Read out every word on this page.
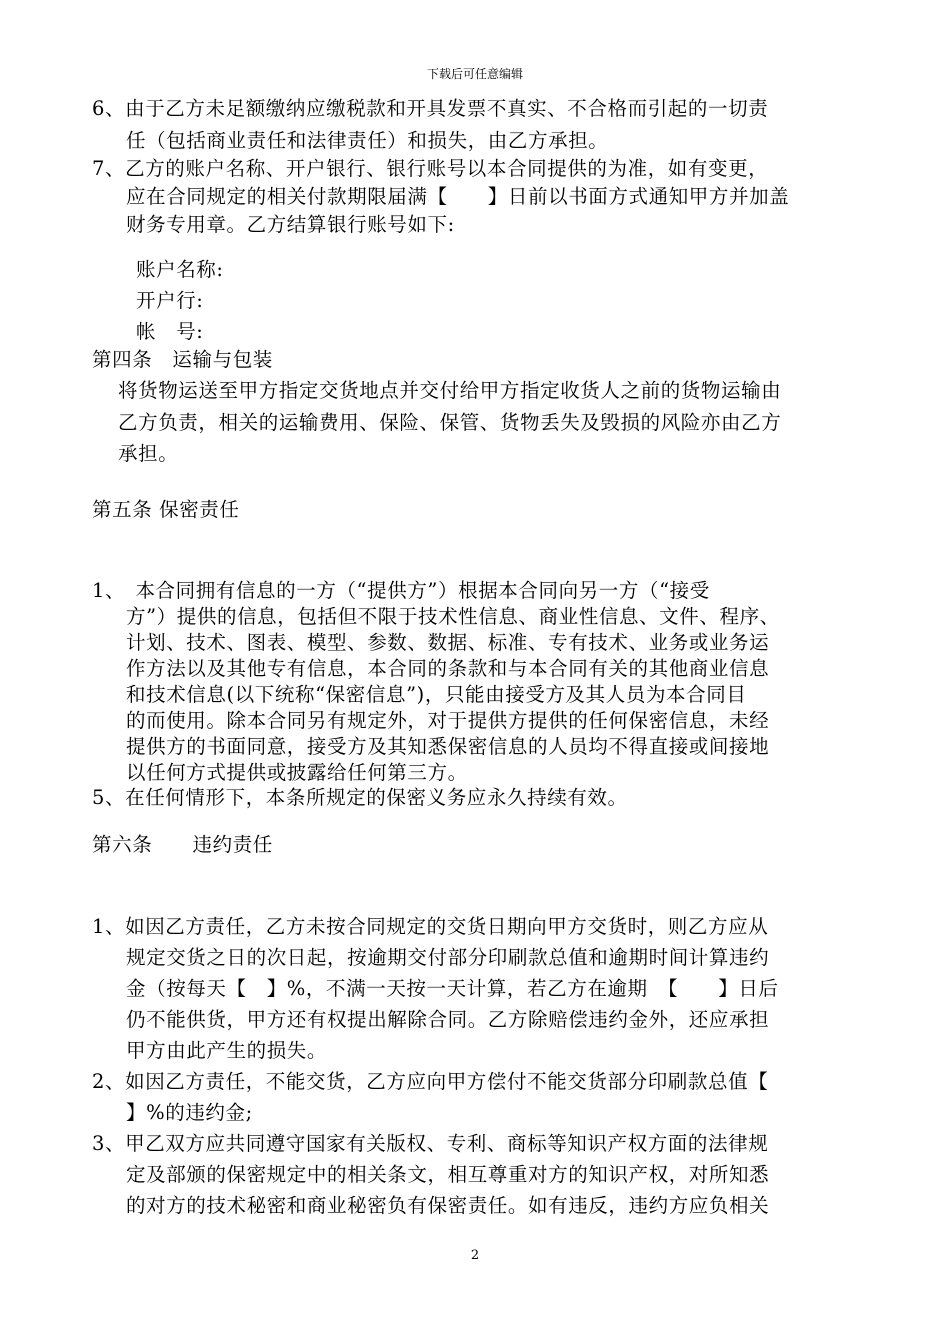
下载后可任意编辑
6、由于乙方未足额缴纳应缴税款和开具发票不真实、不合格而引起的一切责
任（包括商业责任和法律责任）和损失，由乙方承担。
7、乙方的账户名称、开户银行、银行账号以本合同提供的为准，如有变更，
应在合同规定的相关付款期限届满【　　】日前以书面方式通知甲方并加盖
财务专用章。乙方结算银行账号如下:
账户名称:
开户行:
帐　号:
第四条　运输与包装
将货物运送至甲方指定交货地点并交付给甲方指定收货人之前的货物运输由
乙方负责，相关的运输费用、保险、保管、货物丢失及毁损的风险亦由乙方
承担。
第五条 保密责任
1、　本合同拥有信息的一方（“提供方”）根据本合同向另一方（“接受
方”）提供的信息，包括但不限于技术性信息、商业性信息、文件、程序、
计划、技术、图表、模型、参数、数据、标准、专有技术、业务或业务运
作方法以及其他专有信息，本合同的条款和与本合同有关的其他商业信息
和技术信息(以下统称“保密信息”)，只能由接受方及其人员为本合同目
的而使用。除本合同另有规定外，对于提供方提供的任何保密信息，未经
提供方的书面同意，接受方及其知悉保密信息的人员均不得直接或间接地
以任何方式提供或披露给任何第三方。
5、在任何情形下，本条所规定的保密义务应永久持续有效。
第六条　　违约责任
1、如因乙方责任，乙方未按合同规定的交货日期向甲方交货时，则乙方应从
规定交货之日的次日起，按逾期交付部分印刷款总值和逾期时间计算违约
金（按每天【　】%，不满一天按一天计算，若乙方在逾期　【　　】日后
仍不能供货，甲方还有权提出解除合同。乙方除赔偿违约金外，还应承担
甲方由此产生的损失。
2、如因乙方责任，不能交货，乙方应向甲方偿付不能交货部分印刷款总值【
】%的违约金;
3、甲乙双方应共同遵守国家有关版权、专利、商标等知识产权方面的法律规
定及部颁的保密规定中的相关条文，相互尊重对方的知识产权，对所知悉
的对方的技术秘密和商业秘密负有保密责任。如有违反，违约方应负相关
2
